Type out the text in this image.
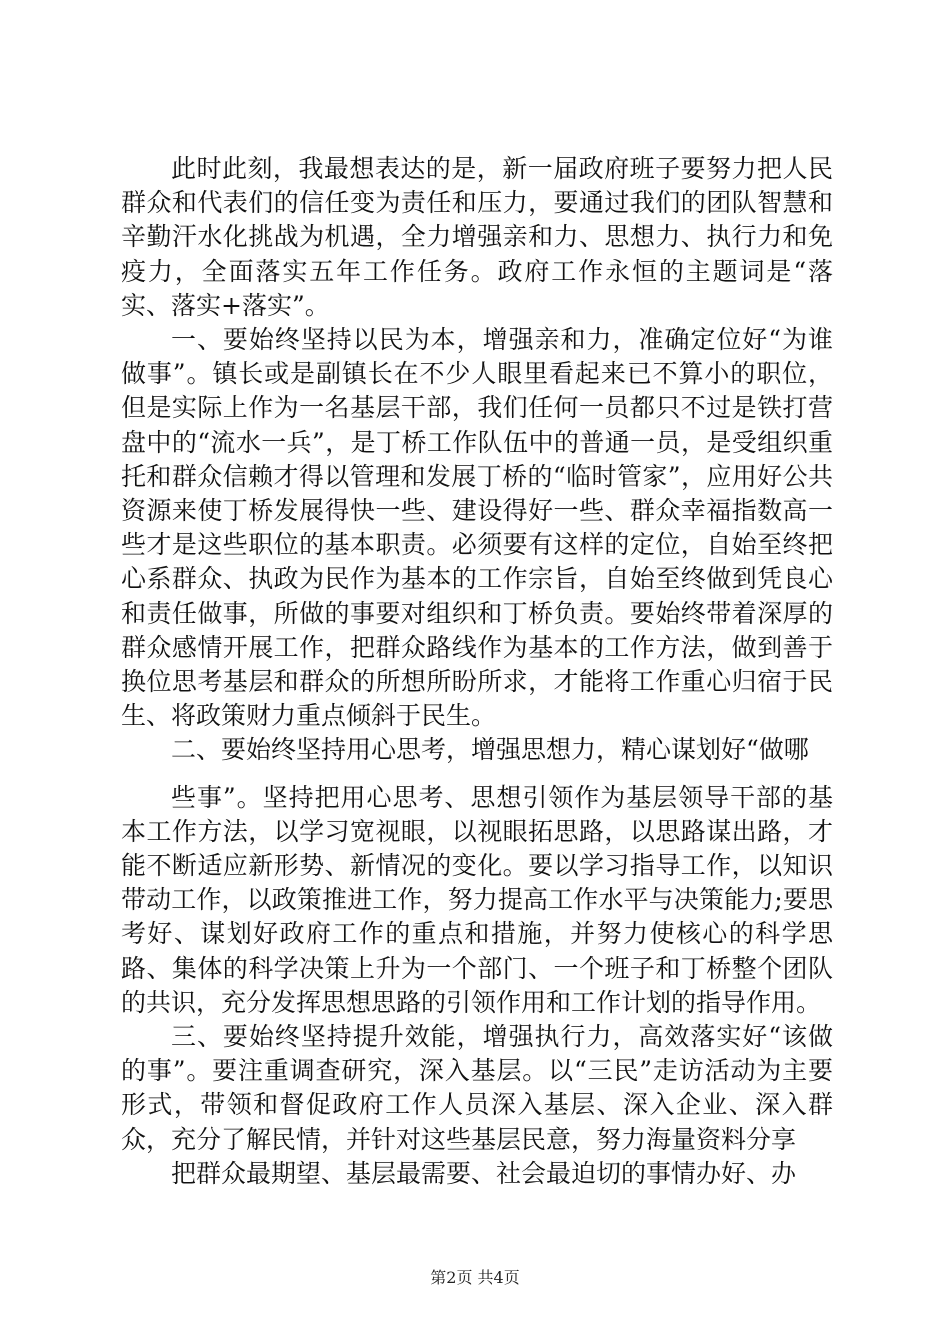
此时此刻，我最想表达的是，新一届政府班子要努力把人民群众和代表们的信任变为责任和压力，要通过我们的团队智慧和辛勤汗水化挑战为机遇，全力增强亲和力、思想力、执行力和免疫力，全面落实五年工作任务。政府工作永恒的主题词是“落实、落实+落实”。

一、要始终坚持以民为本，增强亲和力，准确定位好“为谁做事”。镇长或是副镇长在不少人眼里看起来已不算小的职位，但是实际上作为一名基层干部，我们任何一员都只不过是铁打营盘中的“流水一兵”，是丁桥工作队伍中的普通一员，是受组织重托和群众信赖才得以管理和发展丁桥的“临时管家”，应用好公共资源来使丁桥发展得快一些、建设得好一些、群众幸福指数高一些才是这些职位的基本职责。必须要有这样的定位，自始至终把心系群众、执政为民作为基本的工作宗旨，自始至终做到凭良心和责任做事，所做的事要对组织和丁桥负责。要始终带着深厚的群众感情开展工作，把群众路线作为基本的工作方法，做到善于换位思考基层和群众的所想所盼所求，才能将工作重心归宿于民生、将政策财力重点倾斜于民生。

二、要始终坚持用心思考，增强思想力，精心谋划好“做哪

些事”。坚持把用心思考、思想引领作为基层领导干部的基本工作方法，以学习宽视眼，以视眼拓思路，以思路谋出路，才能不断适应新形势、新情况的变化。要以学习指导工作，以知识带动工作，以政策推进工作，努力提高工作水平与决策能力;要思考好、谋划好政府工作的重点和措施，并努力使核心的科学思路、集体的科学决策上升为一个部门、一个班子和丁桥整个团队的共识，充分发挥思想思路的引领作用和工作计划的指导作用。

三、要始终坚持提升效能，增强执行力，高效落实好“该做的事”。要注重调查研究，深入基层。以“三民”走访活动为主要形式，带领和督促政府工作人员深入基层、深入企业、深入群众，充分了解民情，并针对这些基层民意，努力海量资料分享

把群众最期望、基层最需要、社会最迫切的事情办好、办

第2页 共4页
